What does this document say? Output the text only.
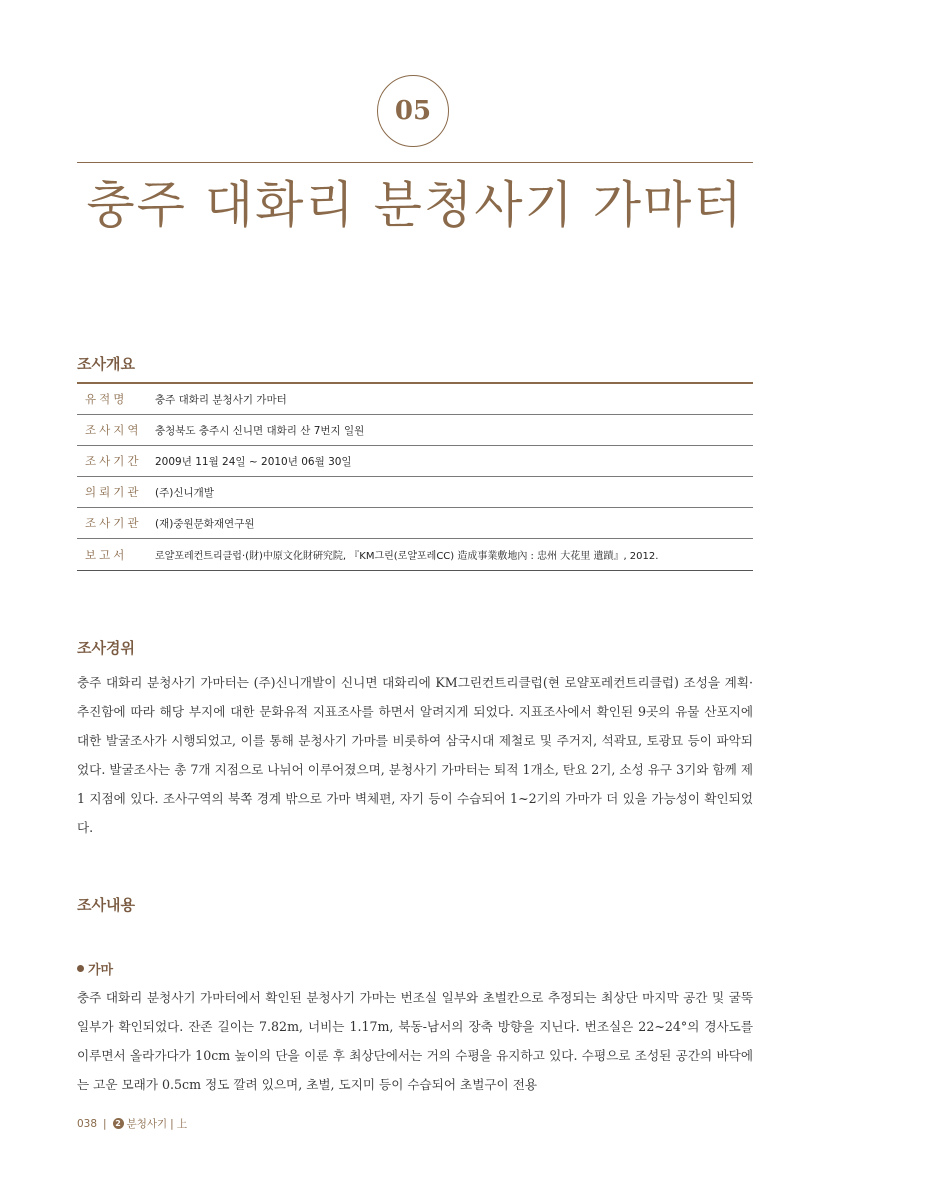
05
충주 대화리 분청사기 가마터
조사개요
유적명	충주 대화리 분청사기 가마터
조사지역	충청북도 충주시 신니면 대화리 산 7번지 일원
조사기간	2009년 11월 24일 ~ 2010년 06월 30일
의뢰기관	(주)신니개발
조사기관	(재)중원문화재연구원
보고서	로얄포레컨트리클럽·(財)中原文化財硏究院, 『KM그린(로얄포레CC) 造成事業敷地內 : 忠州 大花里 遺蹟』, 2012.
조사경위

충주 대화리 분청사기 가마터는 (주)신니개발이 신니면 대화리에 KM그린컨트리클럽(현 로얄포레컨트리클럽) 조성을 계획·추진함에 따라 해당 부지에 대한 문화유적 지표조사를 하면서 알려지게 되었다. 지표조사에서 확인된 9곳의 유물 산포지에 대한 발굴조사가 시행되었고, 이를 통해 분청사기 가마를 비롯하여 삼국시대 제철로 및 주거지, 석곽묘, 토광묘 등이 파악되었다. 발굴조사는 총 7개 지점으로 나뉘어 이루어졌으며, 분청사기 가마터는 퇴적 1개소, 탄요 2기, 소성 유구 3기와 함께 제1 지점에 있다. 조사구역의 북쪽 경계 밖으로 가마 벽체편, 자기 등이 수습되어 1~2기의 가마가 더 있을 가능성이 확인되었다.

조사내용
가마

충주 대화리 분청사기 가마터에서 확인된 분청사기 가마는 번조실 일부와 초벌칸으로 추정되는 최상단 마지막 공간 및 굴뚝 일부가 확인되었다. 잔존 길이는 7.82m, 너비는 1.17m, 북동-남서의 장축 방향을 지닌다. 번조실은 22~24°의 경사도를 이루면서 올라가다가 10cm 높이의 단을 이룬 후 최상단에서는 거의 수평을 유지하고 있다. 수평으로 조성된 공간의 바닥에는 고운 모래가 0.5cm 정도 깔려 있으며, 초벌, 도지미 등이 수습되어 초벌구이 전용

038 |	2 분청사기 | 上
